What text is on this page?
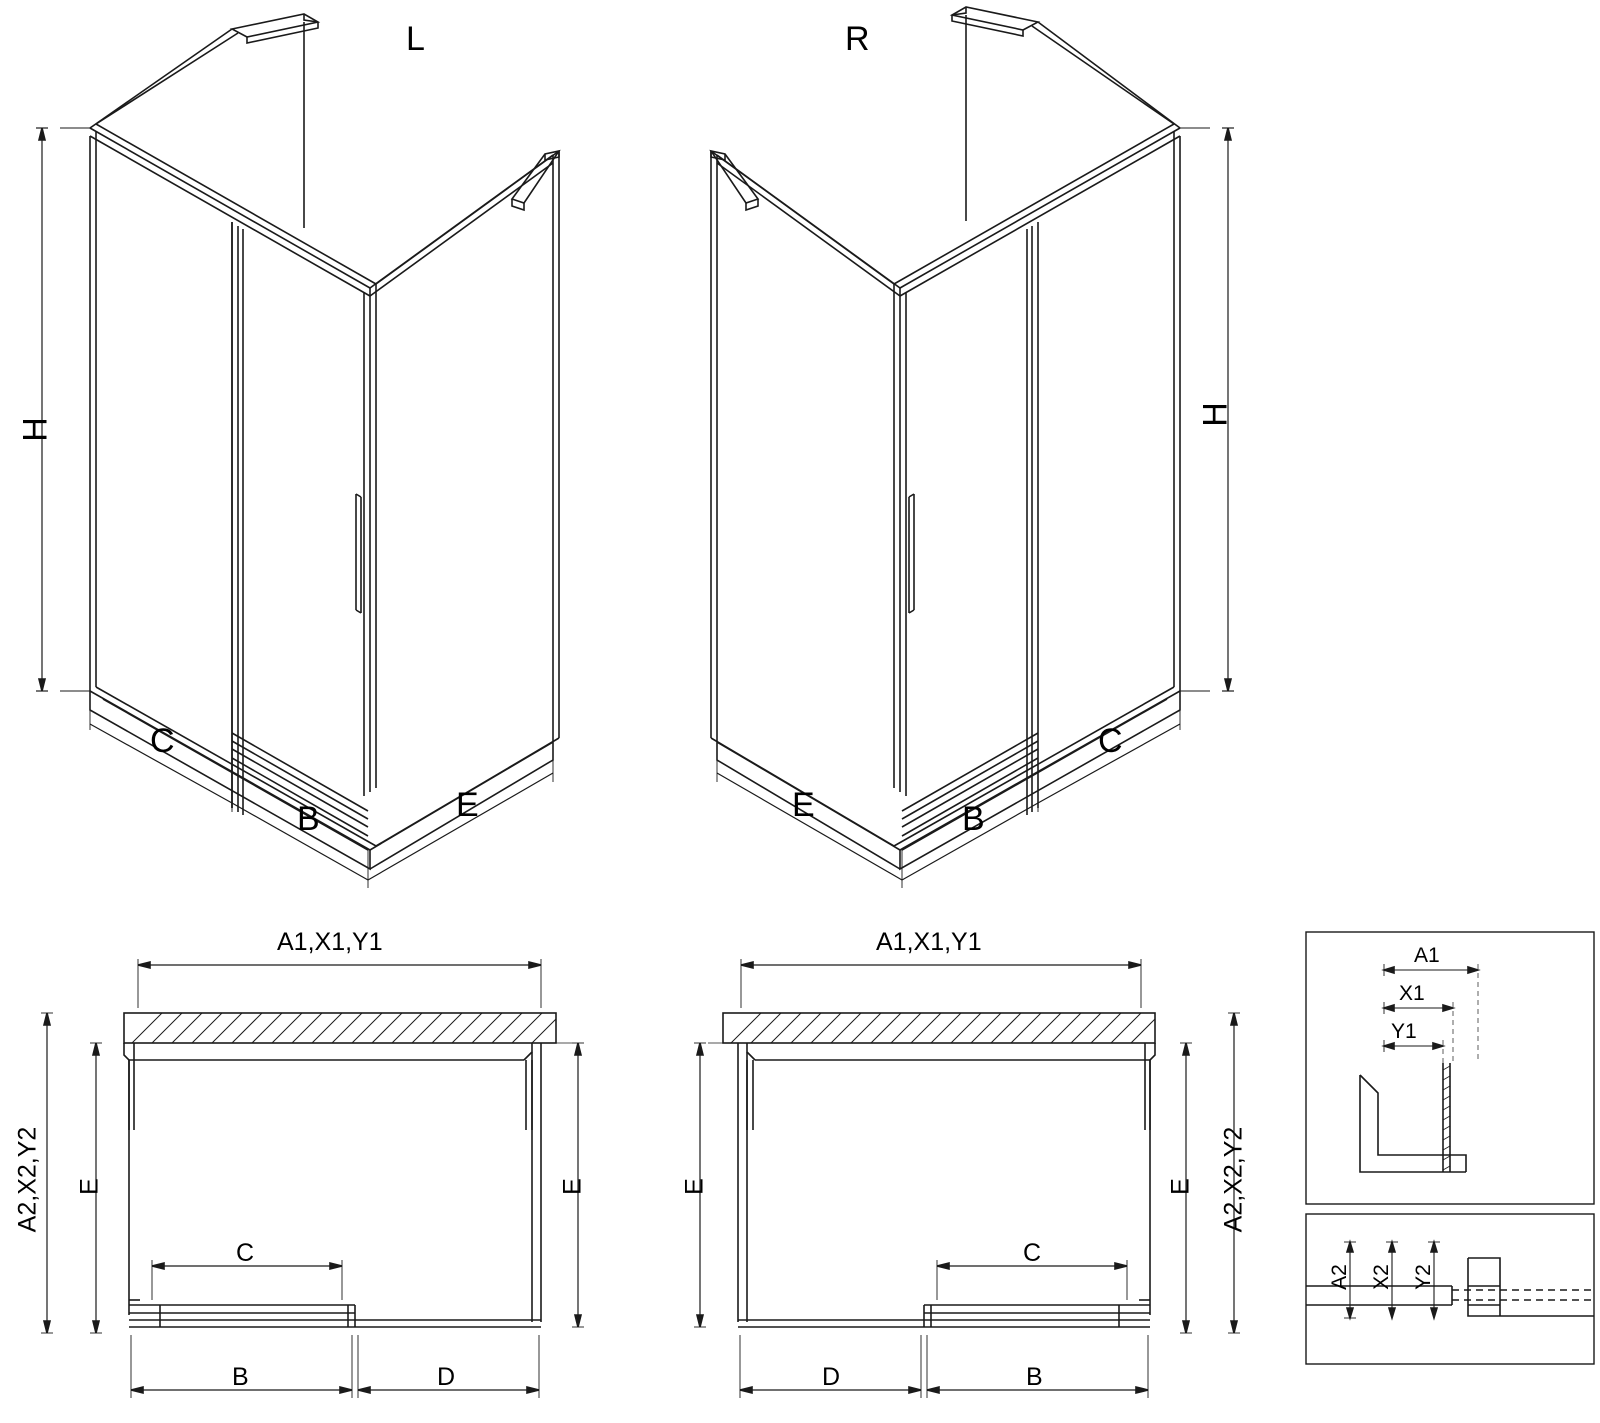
L	R
H
H
C
B	E
C
B
E
A1,X1,Y1	A1,X1,Y1
A2,X2,Y2	A2,X2,Y2
E	E	E	E
C	C
B	D	B
D
A1
X1
Y1
A2 X2 Y2
